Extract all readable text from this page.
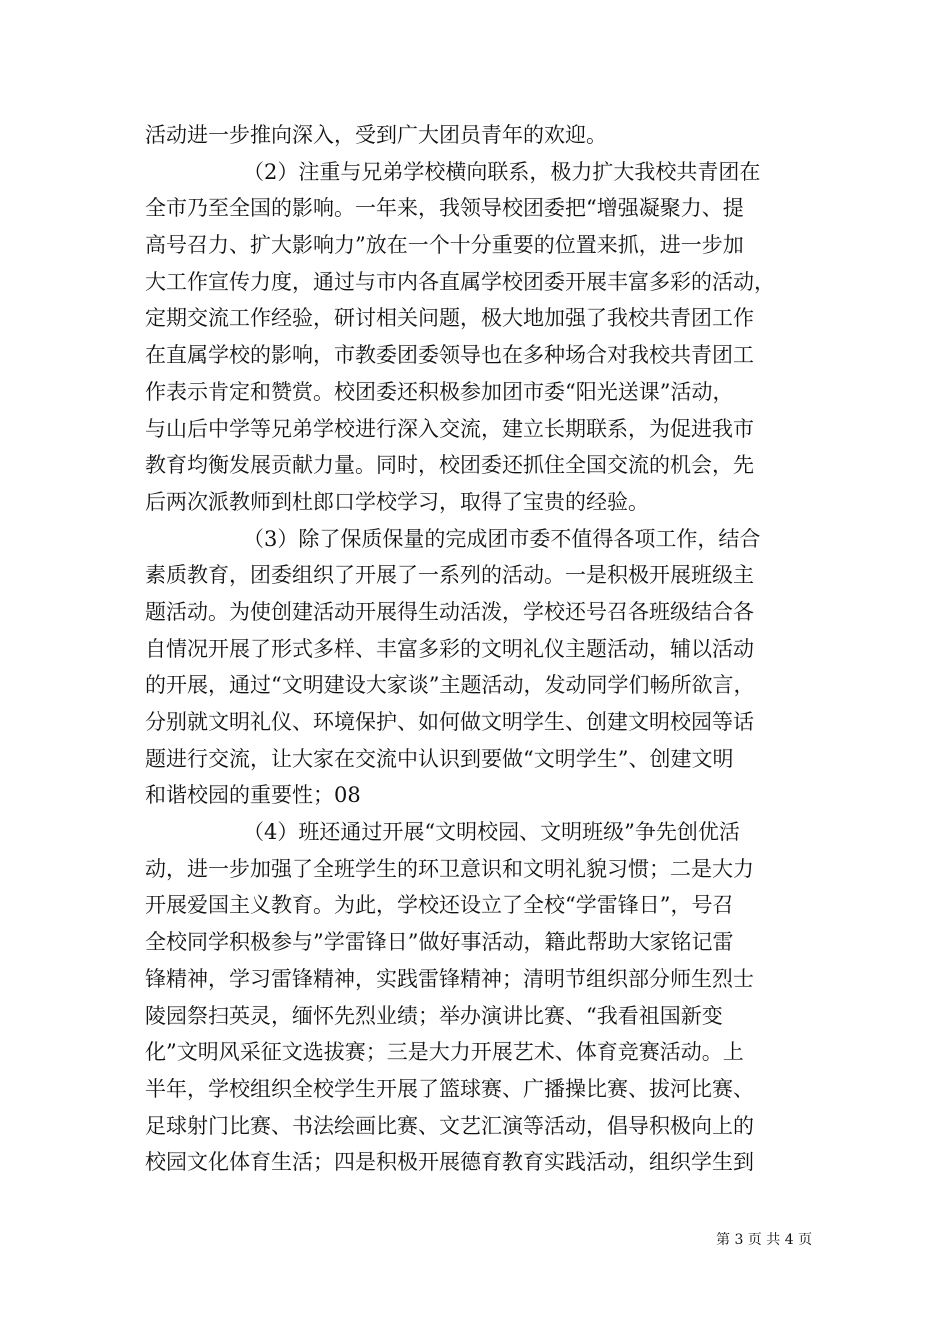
活动进一步推向深入，受到广大团员青年的欢迎。
（2）注重与兄弟学校横向联系，极力扩大我校共青团在
全市乃至全国的影响。一年来，我领导校团委把“增强凝聚力、提
高号召力、扩大影响力”放在一个十分重要的位置来抓，进一步加
大工作宣传力度，通过与市内各直属学校团委开展丰富多彩的活动，
定期交流工作经验，研讨相关问题，极大地加强了我校共青团工作
在直属学校的影响，市教委团委领导也在多种场合对我校共青团工
作表示肯定和赞赏。校团委还积极参加团市委“阳光送课”活动，
与山后中学等兄弟学校进行深入交流，建立长期联系，为促进我市
教育均衡发展贡献力量。同时，校团委还抓住全国交流的机会，先
后两次派教师到杜郎口学校学习，取得了宝贵的经验。
（3）除了保质保量的完成团市委不值得各项工作，结合
素质教育，团委组织了开展了一系列的活动。一是积极开展班级主
题活动。为使创建活动开展得生动活泼，学校还号召各班级结合各
自情况开展了形式多样、丰富多彩的文明礼仪主题活动，辅以活动
的开展，通过“文明建设大家谈”主题活动，发动同学们畅所欲言，
分别就文明礼仪、环境保护、如何做文明学生、创建文明校园等话
题进行交流，让大家在交流中认识到要做“文明学生”、创建文明
和谐校园的重要性；08
（4）班还通过开展“文明校园、文明班级”争先创优活
动，进一步加强了全班学生的环卫意识和文明礼貌习惯；二是大力
开展爱国主义教育。为此，学校还设立了全校“学雷锋日”，号召
全校同学积极参与”学雷锋日”做好事活动，籍此帮助大家铭记雷
锋精神，学习雷锋精神，实践雷锋精神；清明节组织部分师生烈士
陵园祭扫英灵，缅怀先烈业绩；举办演讲比赛、“我看祖国新变
化”文明风采征文选拔赛；三是大力开展艺术、体育竞赛活动。上
半年，学校组织全校学生开展了篮球赛、广播操比赛、拔河比赛、
足球射门比赛、书法绘画比赛、文艺汇演等活动，倡导积极向上的
校园文化体育生活；四是积极开展德育教育实践活动，组织学生到
第 3 页 共 4 页
